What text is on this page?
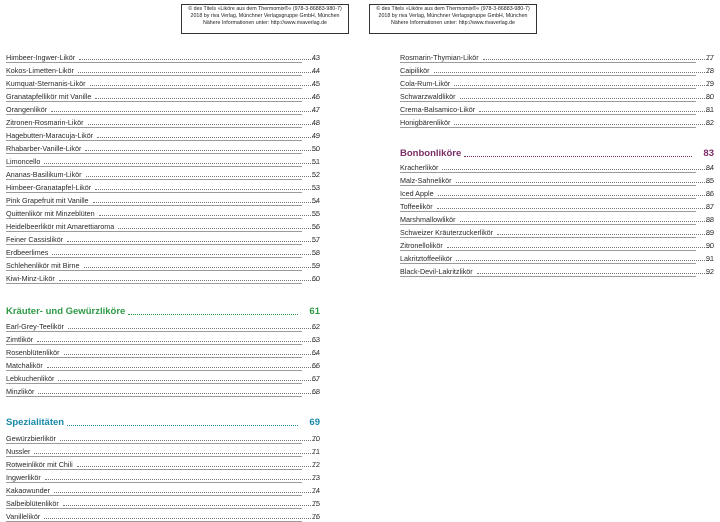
© des Titels »Liköre aus dem Thermomix®« (978-3-86883-980-7)
2018 by riva Verlag, Münchner Verlagsgruppe GmbH, München
Nähere Informationen unter: http://www.rivaverlag.de
© des Titels »Liköre aus dem Thermomix®« (978-3-86883-980-7)
2018 by riva Verlag, Münchner Verlagsgruppe GmbH, München
Nähere Informationen unter: http://www.rivaverlag.de
Himbeer-Ingwer-Likör	43
Kokos-Limetten-Likör	44
Kumquat-Sternanis-Likör	45
Granatapfellikör mit Vanille	46
Orangenlikör	47
Zitronen-Rosmarin-Likör	48
Hagebutten-Maracuja-Likör	49
Rhabarber-Vanille-Likör	50
Limoncello	51
Ananas-Basilikum-Likör	52
Himbeer-Granatapfel-Likör	53
Pink Grapefruit mit Vanille	54
Quittenlikör mit Minzeblüten	55
Heidelbeerlikör mit Amarettiaroma	56
Feiner Cassislikör	57
Erdbeerlimes	58
Schlehenlikör mit Birne	59
Kiwi-Minz-Likör	60
Kräuter- und Gewürzliköre	61
Earl-Grey-Teelikör	62
Zimtlikör	63
Rosenblütenlikör	64
Matchalikör	66
Lebkuchenlikör	67
Minzlikör	68
Spezialitäten	69
Gewürzbierlikör	70
Nussler	71
Rotweinlikör mit Chili	72
Ingwerlikör	73
Kakaowunder	74
Salbeiblütenlikör	75
Vanillelikör	76
Rosmarin-Thymian-Likör	77
Caipilikör	78
Cola-Rum-Likör	79
Schwarzwaldlikör	80
Crema-Balsamico-Likör	81
Honigbärenlikör	82
Bonbonliköre	83
Kracherlikör	84
Malz-Sahnelikör	85
Iced Apple	86
Toffeelikör	87
Marshmallowlikör	88
Schweizer Kräuterzuckerlikör	89
Zitronellolikör	90
Lakritztoffeelikör	91
Black-Devil-Lakritzlikör	92
